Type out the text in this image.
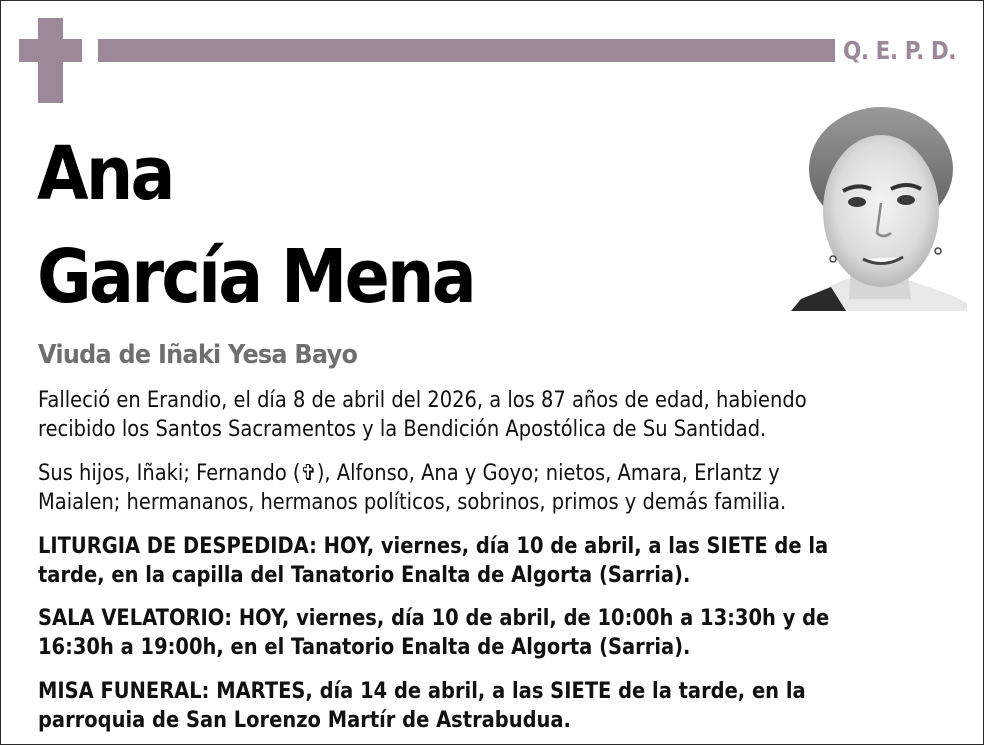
Q. E. P. D.
Ana
García Mena
Viuda de Iñaki Yesa Bayo
Falleció en Erandio, el día 8 de abril del 2026, a los 87 años de edad, habiendo
recibido los Santos Sacramentos y la Bendición Apostólica de Su Santidad.
Sus hijos, Iñaki; Fernando (✞), Alfonso, Ana y Goyo; nietos, Amara, Erlantz y
Maialen; hermananos, hermanos políticos, sobrinos, primos y demás familia.
LITURGIA DE DESPEDIDA: HOY, viernes, día 10 de abril, a las SIETE de la
tarde, en la capilla del Tanatorio Enalta de Algorta (Sarria).
SALA VELATORIO: HOY, viernes, día 10 de abril, de 10:00h a 13:30h y de
16:30h a 19:00h, en el Tanatorio Enalta de Algorta (Sarria).
MISA FUNERAL: MARTES, día 14 de abril, a las SIETE de la tarde, en la
parroquia de San Lorenzo Martír de Astrabudua.
